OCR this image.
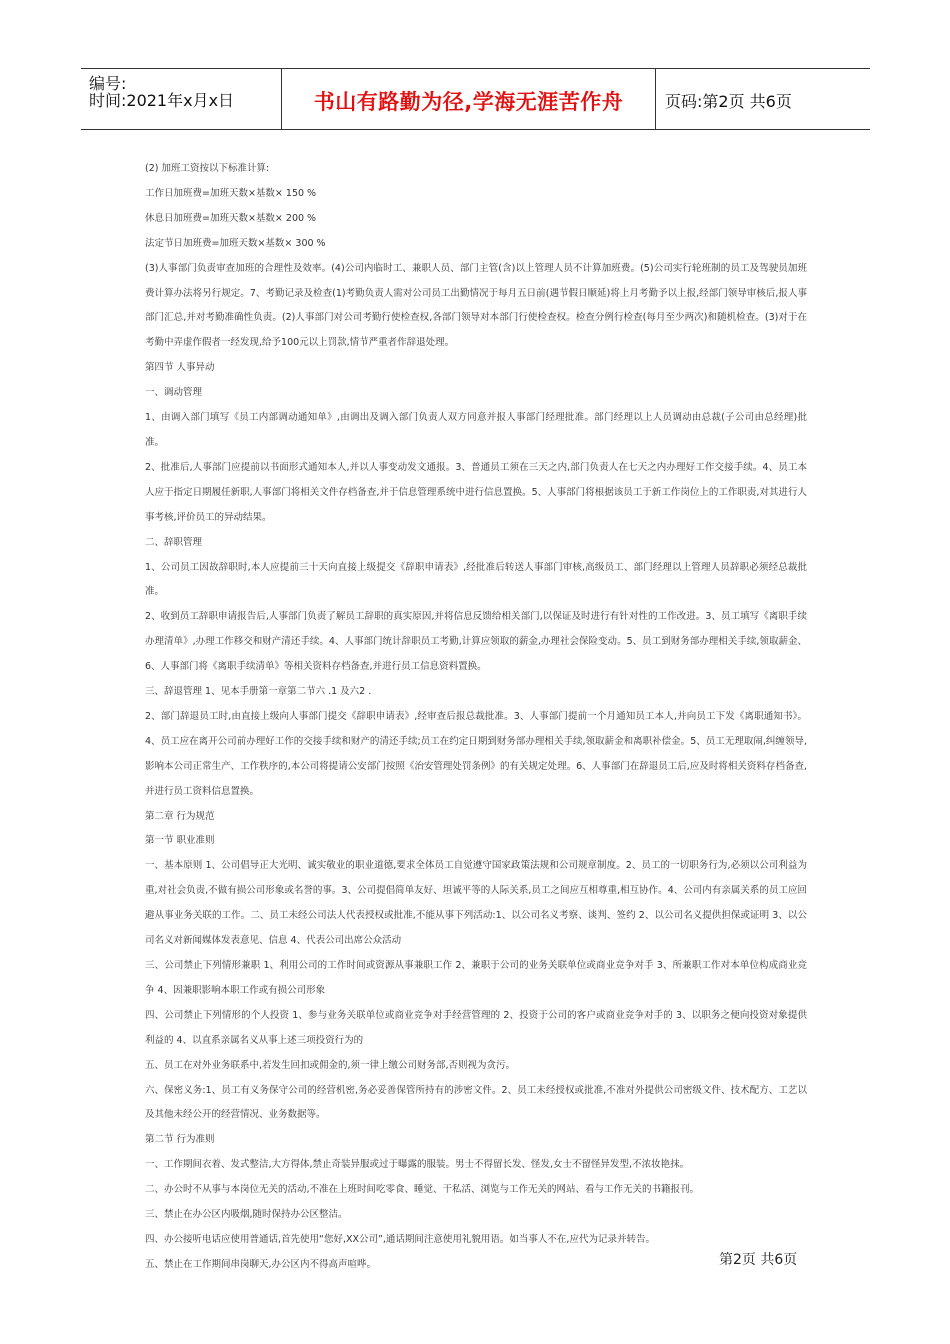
编号:
时间:2021年x月x日	书山有路勤为径,学海无涯苦作舟	页码:第2页 共6页

(2) 加班工资按以下标准计算:

工作日加班费=加班天数×基数× 150 %

休息日加班费=加班天数×基数× 200 %

法定节日加班费=加班天数×基数× 300 %

(3)人事部门负责审查加班的合理性及效率。(4)公司内临时工、兼职人员、部门主管(含)以上管理人员不计算加班费。(5)公司实行轮班制的员工及驾驶员加班费计算办法将另行规定。7、考勤记录及检查(1)考勤负责人需对公司员工出勤情况于每月五日前(遇节假日顺延)将上月考勤予以上报,经部门领导审核后,报人事部门汇总,并对考勤准确性负责。(2)人事部门对公司考勤行使检查权,各部门领导对本部门行使检查权。检查分例行检查(每月至少两次)和随机检查。(3)对于在考勤中弄虚作假者一经发现,给予100元以上罚款,情节严重者作辞退处理。

第四节 人事异动

一、调动管理

1、由调入部门填写《员工内部调动通知单》,由调出及调入部门负责人双方同意并报人事部门经理批准。部门经理以上人员调动由总裁(子公司由总经理)批准。

2、批准后,人事部门应提前以书面形式通知本人,并以人事变动发文通报。3、普通员工须在三天之内,部门负责人在七天之内办理好工作交接手续。4、员工本人应于指定日期履任新职,人事部门将相关文件存档备查,并于信息管理系统中进行信息置换。5、人事部门将根据该员工于新工作岗位上的工作职责,对其进行人事考核,评价员工的异动结果。

二、辞职管理

1、公司员工因故辞职时,本人应提前三十天向直接上级提交《辞职申请表》,经批准后转送人事部门审核,高级员工、部门经理以上管理人员辞职必须经总裁批准。

2、收到员工辞职申请报告后,人事部门负责了解员工辞职的真实原因,并将信息反馈给相关部门,以保证及时进行有针对性的工作改进。3、员工填写《离职手续办理清单》,办理工作移交和财产清还手续。4、人事部门统计辞职员工考勤,计算应领取的薪金,办理社会保险变动。5、员工到财务部办理相关手续,领取薪金、6、人事部门将《离职手续清单》等相关资料存档备查,并进行员工信息资料置换。

三、辞退管理 1、见本手册第一章第二节六 .1 及六2 .

2、部门辞退员工时,由直接上级向人事部门提交《辞职申请表》,经审查后报总裁批准。3、人事部门提前一个月通知员工本人,并向员工下发《离职通知书》。4、员工应在离开公司前办理好工作的交接手续和财产的清还手续;员工在约定日期到财务部办理相关手续,领取薪金和离职补偿金。5、员工无理取闹,纠缠领导,影响本公司正常生产、工作秩序的,本公司将提请公安部门按照《治安管理处罚条例》的有关规定处理。6、人事部门在辞退员工后,应及时将相关资料存档备查,并进行员工资料信息置换。

第二章 行为规范

第一节 职业准则

一、基本原则 1、公司倡导正大光明、诚实敬业的职业道德,要求全体员工自觉遵守国家政策法规和公司规章制度。2、员工的一切职务行为,必须以公司利益为重,对社会负责,不做有损公司形象或名誉的事。3、公司提倡简单友好、坦诚平等的人际关系,员工之间应互相尊重,相互协作。4、公司内有亲属关系的员工应回避从事业务关联的工作。二、员工未经公司法人代表授权或批准,不能从事下列活动:1、以公司名义考察、谈判、签约 2、以公司名义提供担保或证明 3、以公司名义对新闻媒体发表意见、信息 4、代表公司出席公众活动

三、公司禁止下列情形兼职 1、利用公司的工作时间或资源从事兼职工作 2、兼职于公司的业务关联单位或商业竞争对手 3、所兼职工作对本单位构成商业竞争 4、因兼职影响本职工作或有损公司形象

四、公司禁止下列情形的个人投资 1、参与业务关联单位或商业竞争对手经营管理的 2、投资于公司的客户或商业竞争对手的 3、以职务之便向投资对象提供利益的 4、以直系亲属名义从事上述三项投资行为的

五、员工在对外业务联系中,若发生回扣或佣金的,须一律上缴公司财务部,否则视为贪污。

六、保密义务:1、员工有义务保守公司的经营机密,务必妥善保管所持有的涉密文件。2、员工未经授权或批准,不准对外提供公司密级文件、技术配方、工艺以及其他未经公开的经营情况、业务数据等。

第二节 行为准则

一、工作期间衣着、发式整洁,大方得体,禁止奇装异服或过于曝露的服装。男士不得留长发、怪发,女士不留怪异发型,不浓妆艳抹。

二、办公时不从事与本岗位无关的活动,不准在上班时间吃零食、睡觉、干私活、浏览与工作无关的网站、看与工作无关的书籍报刊。

三、禁止在办公区内吸烟,随时保持办公区整洁。

四、办公接听电话应使用普通话,首先使用“您好,XX公司”,通话期间注意使用礼貌用语。如当事人不在,应代为记录并转告。

五、禁止在工作期间串岗聊天,办公区内不得高声喧哗。	第2页 共6页
